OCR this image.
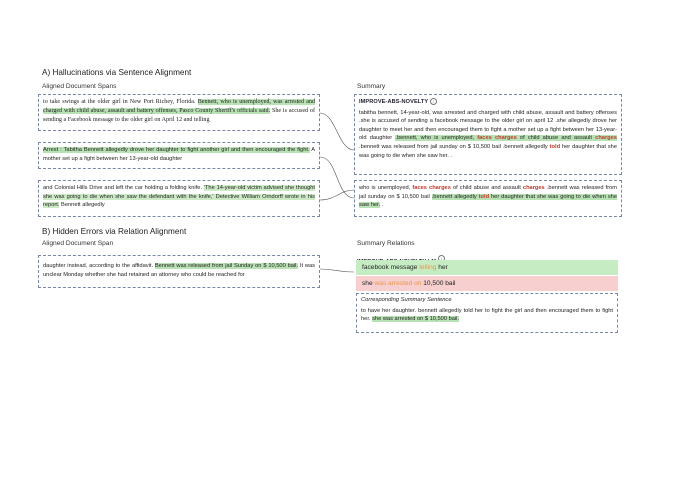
A) Hallucinations via Sentence Alignment
Aligned Document Spans	Summary
to take swings at the older girl in New Port Richey, Florida. Bennett, who is unemployed, was arrested and charged with child abuse, assault and battery offenses, Pasco County Sheriff's officials said. She is accused of sending a Facebook message to the older girl on April 12 and telling
Arrest : Tabitha Bennett allegedly drove her daughter to fight another girl and then encouraged the fight. A mother set up a fight between her 13-year-old daughter
and Colonial Hills Drive and left the car holding a folding knife. 'The 14-year-old victim advised she thought she was going to die when she saw the defendant with the knife,' Detective William Orndorff wrote in his report. Bennett allegedly
IMPROVE-ABS-NOVELTY i
tabitha bennett, 14-year-old, was arrested and charged with child abuse, assault and battery offenses .she is accused of sending a facebook message to the older girl on april 12 .she allegedly drove her daughter to meet her and then encouraged them to fight a mother set up a fight between her 13-year-old daughter .bennett, who is unemployed, faces charges of child abuse and assault charges .bennett was released from jail sunday on $ 10,500 bail .bennett allegedly told her daughter that she was going to die when she saw her. .
who is unemployed, faces charges of child abuse and assault charges .bennett was released from jail sunday on $ 10,500 bail .bennett allegedly told her daughter that she was going to die when she saw her. .
B) Hidden Errors via Relation Alignment
Aligned Document Span	Summary Relations
daughter instead, according to the affidavit. Bennett was released from jail Sunday on $ 10,500 bail. It was unclear Monday whether she had retained an attorney who could be reached for
i
facebook message telling her
she was arrested on 10,500 bail
Corresponding Summary Sentence
to have her daughter. bennett allegedly told her to fight the girl and then encouraged them to fight her. she was arrested on $ 10,500 bail.
